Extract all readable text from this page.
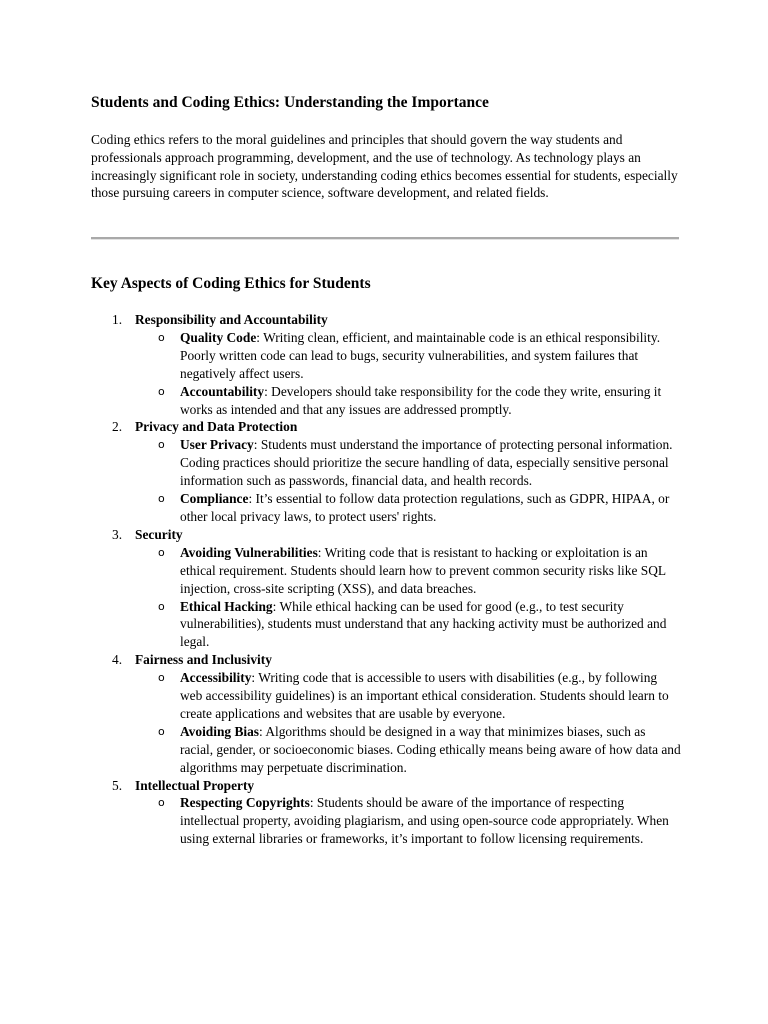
Students and Coding Ethics: Understanding the Importance

Coding ethics refers to the moral guidelines and principles that should govern the way students and professionals approach programming, development, and the use of technology. As technology plays an increasingly significant role in society, understanding coding ethics becomes essential for students, especially those pursuing careers in computer science, software development, and related fields.

Key Aspects of Coding Ethics for Students
1. Responsibility and Accountability
o Quality Code: Writing clean, efficient, and maintainable code is an ethical responsibility. Poorly written code can lead to bugs, security vulnerabilities, and system failures that negatively affect users.
o Accountability: Developers should take responsibility for the code they write, ensuring it works as intended and that any issues are addressed promptly.
2. Privacy and Data Protection
o User Privacy: Students must understand the importance of protecting personal information. Coding practices should prioritize the secure handling of data, especially sensitive personal information such as passwords, financial data, and health records.
o Compliance: It’s essential to follow data protection regulations, such as GDPR, HIPAA, or other local privacy laws, to protect users' rights.
3. Security
o Avoiding Vulnerabilities: Writing code that is resistant to hacking or exploitation is an ethical requirement. Students should learn how to prevent common security risks like SQL injection, cross-site scripting (XSS), and data breaches.
o Ethical Hacking: While ethical hacking can be used for good (e.g., to test security vulnerabilities), students must understand that any hacking activity must be authorized and legal.
4. Fairness and Inclusivity
o Accessibility: Writing code that is accessible to users with disabilities (e.g., by following web accessibility guidelines) is an important ethical consideration. Students should learn to create applications and websites that are usable by everyone.
o Avoiding Bias: Algorithms should be designed in a way that minimizes biases, such as racial, gender, or socioeconomic biases. Coding ethically means being aware of how data and algorithms may perpetuate discrimination.
5. Intellectual Property
o Respecting Copyrights: Students should be aware of the importance of respecting intellectual property, avoiding plagiarism, and using open-source code appropriately. When using external libraries or frameworks, it’s important to follow licensing requirements.
